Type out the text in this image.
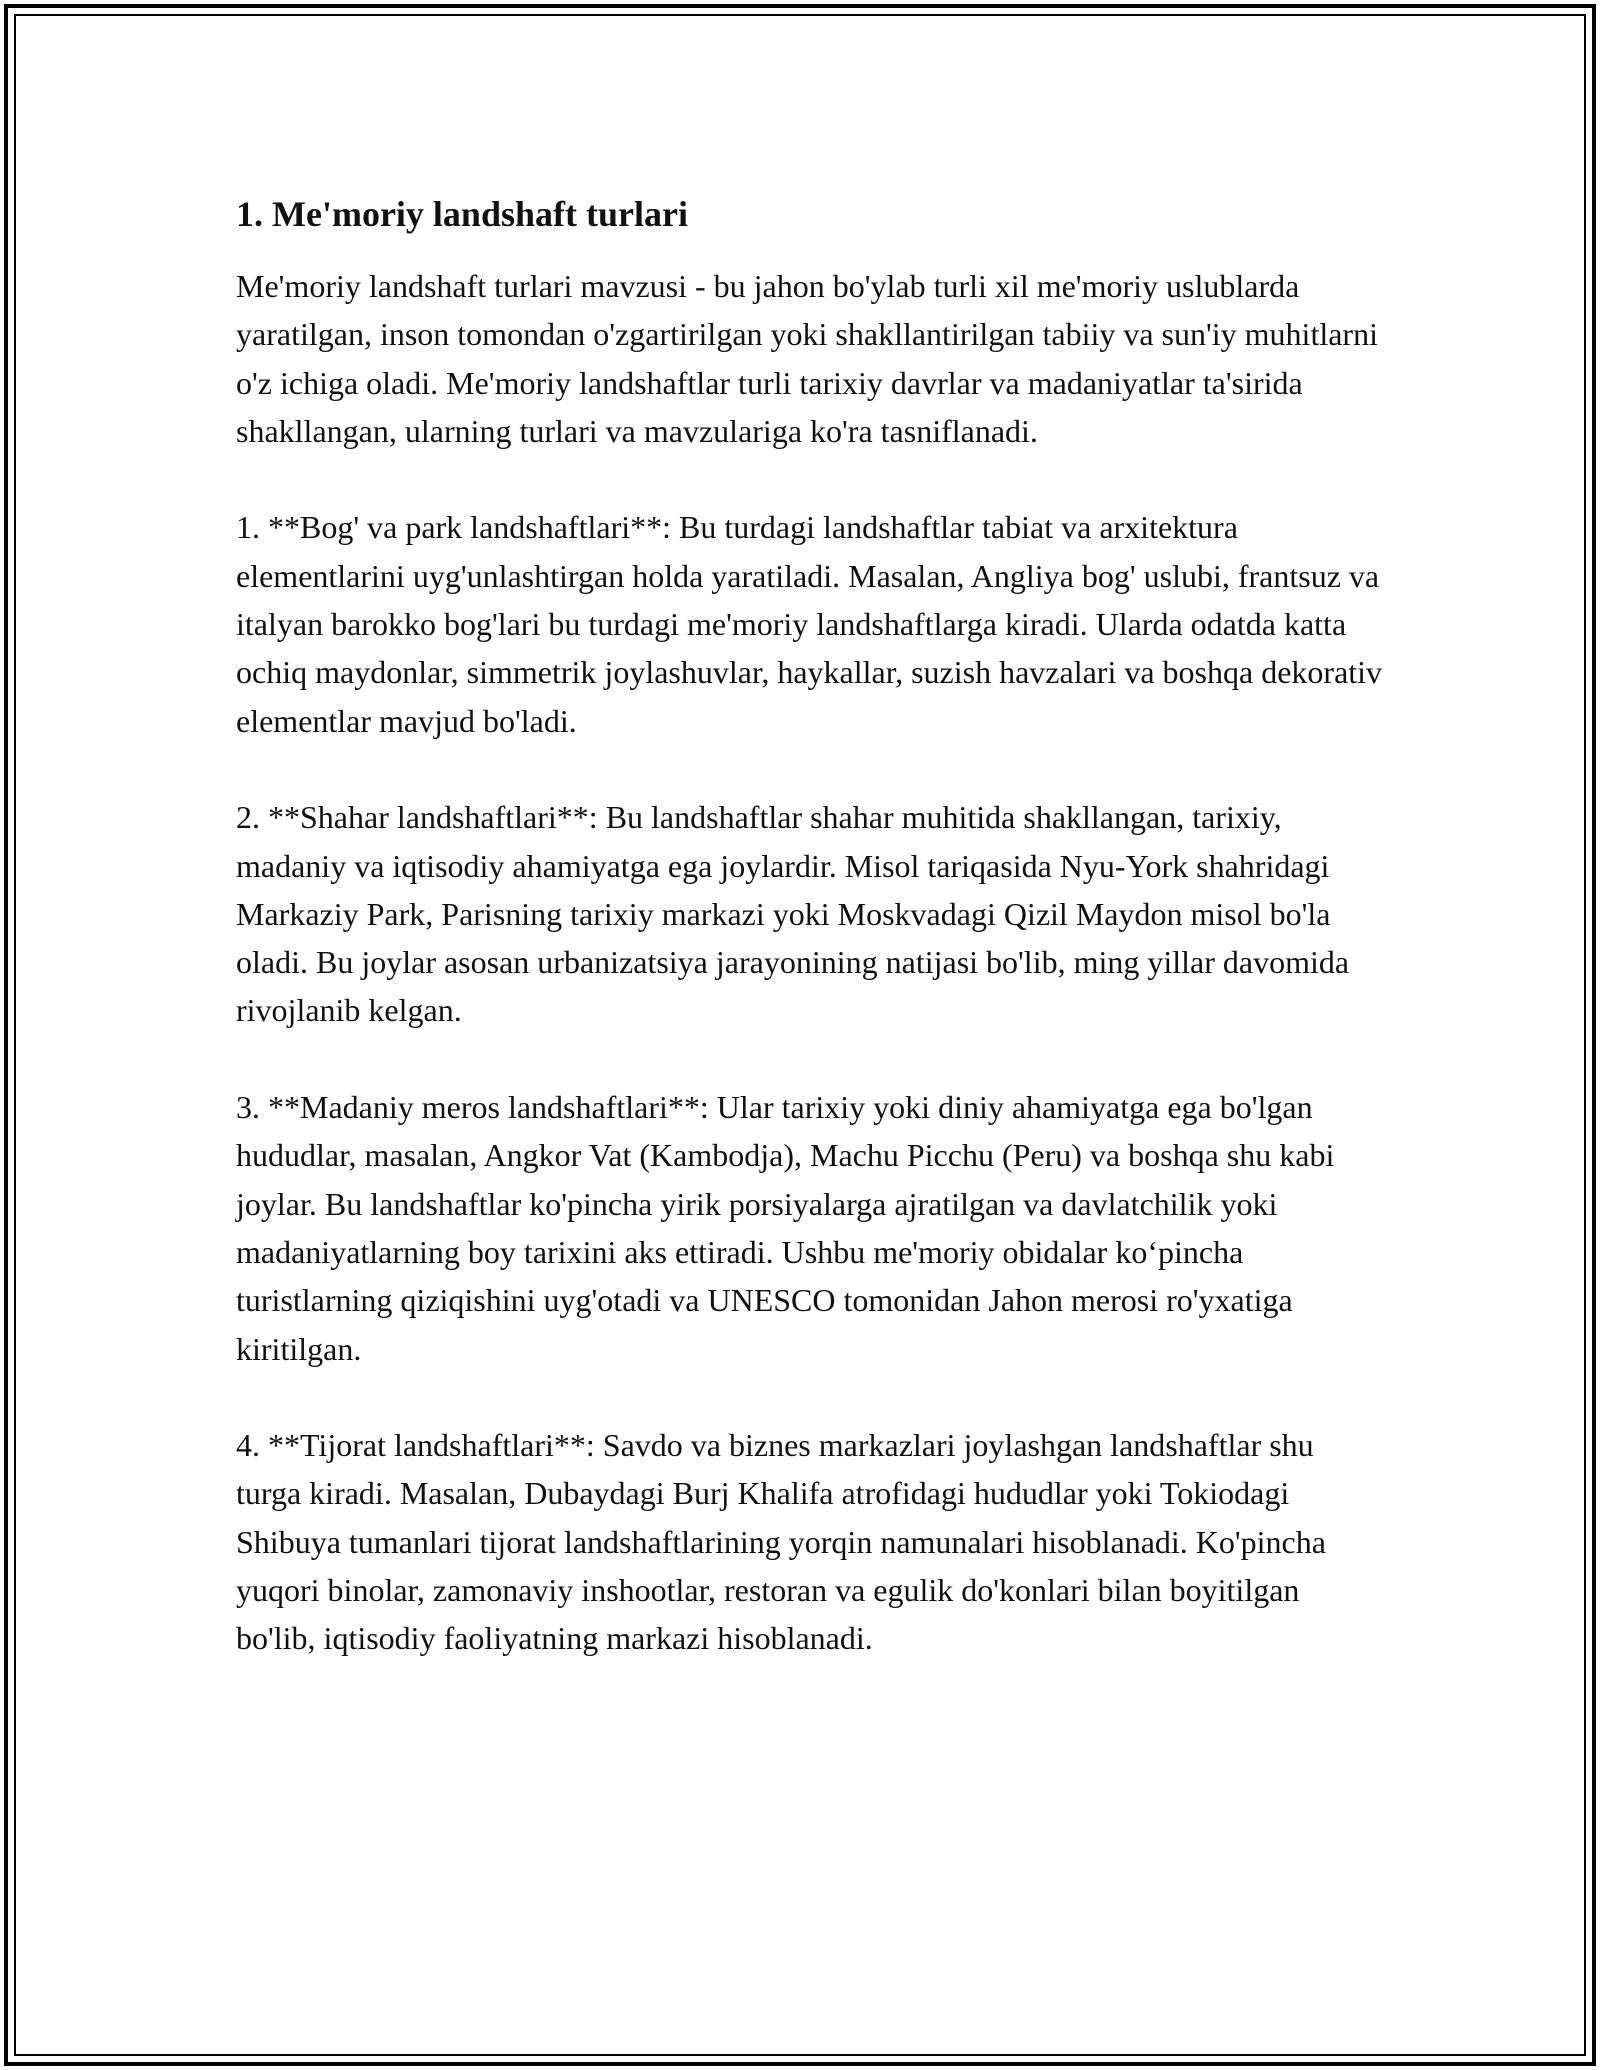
1. Me'moriy landshaft turlari

Me'moriy landshaft turlari mavzusi - bu jahon bo'ylab turli xil me'moriy uslublarda yaratilgan, inson tomondan o'zgartirilgan yoki shakllantirilgan tabiiy va sun'iy muhitlarni o'z ichiga oladi. Me'moriy landshaftlar turli tarixiy davrlar va madaniyatlar ta'sirida shakllangan, ularning turlari va mavzulariga ko'ra tasniflanadi.

1. **Bog' va park landshaftlari**: Bu turdagi landshaftlar tabiat va arxitektura elementlarini uyg'unlashtirgan holda yaratiladi. Masalan, Angliya bog' uslubi, frantsuz va italyan barokko bog'lari bu turdagi me'moriy landshaftlarga kiradi. Ularda odatda katta ochiq maydonlar, simmetrik joylashuvlar, haykallar, suzish havzalari va boshqa dekorativ elementlar mavjud bo'ladi.

2. **Shahar landshaftlari**: Bu landshaftlar shahar muhitida shakllangan, tarixiy, madaniy va iqtisodiy ahamiyatga ega joylardir. Misol tariqasida Nyu-York shahridagi Markaziy Park, Parisning tarixiy markazi yoki Moskvadagi Qizil Maydon misol bo'la oladi. Bu joylar asosan urbanizatsiya jarayonining natijasi bo'lib, ming yillar davomida rivojlanib kelgan.

3. **Madaniy meros landshaftlari**: Ular tarixiy yoki diniy ahamiyatga ega bo'lgan hududlar, masalan, Angkor Vat (Kambodja), Machu Picchu (Peru) va boshqa shu kabi joylar. Bu landshaftlar ko'pincha yirik porsiyalarga ajratilgan va davlatchilik yoki madaniyatlarning boy tarixini aks ettiradi. Ushbu me'moriy obidalar ko‘pincha turistlarning qiziqishini uyg'otadi va UNESCO tomonidan Jahon merosi ro'yxatiga kiritilgan.

4. **Tijorat landshaftlari**: Savdo va biznes markazlari joylashgan landshaftlar shu turga kiradi. Masalan, Dubaydagi Burj Khalifa atrofidagi hududlar yoki Tokiodagi Shibuya tumanlari tijorat landshaftlarining yorqin namunalari hisoblanadi. Ko'pincha yuqori binolar, zamonaviy inshootlar, restoran va egulik do'konlari bilan boyitilgan bo'lib, iqtisodiy faoliyatning markazi hisoblanadi.
